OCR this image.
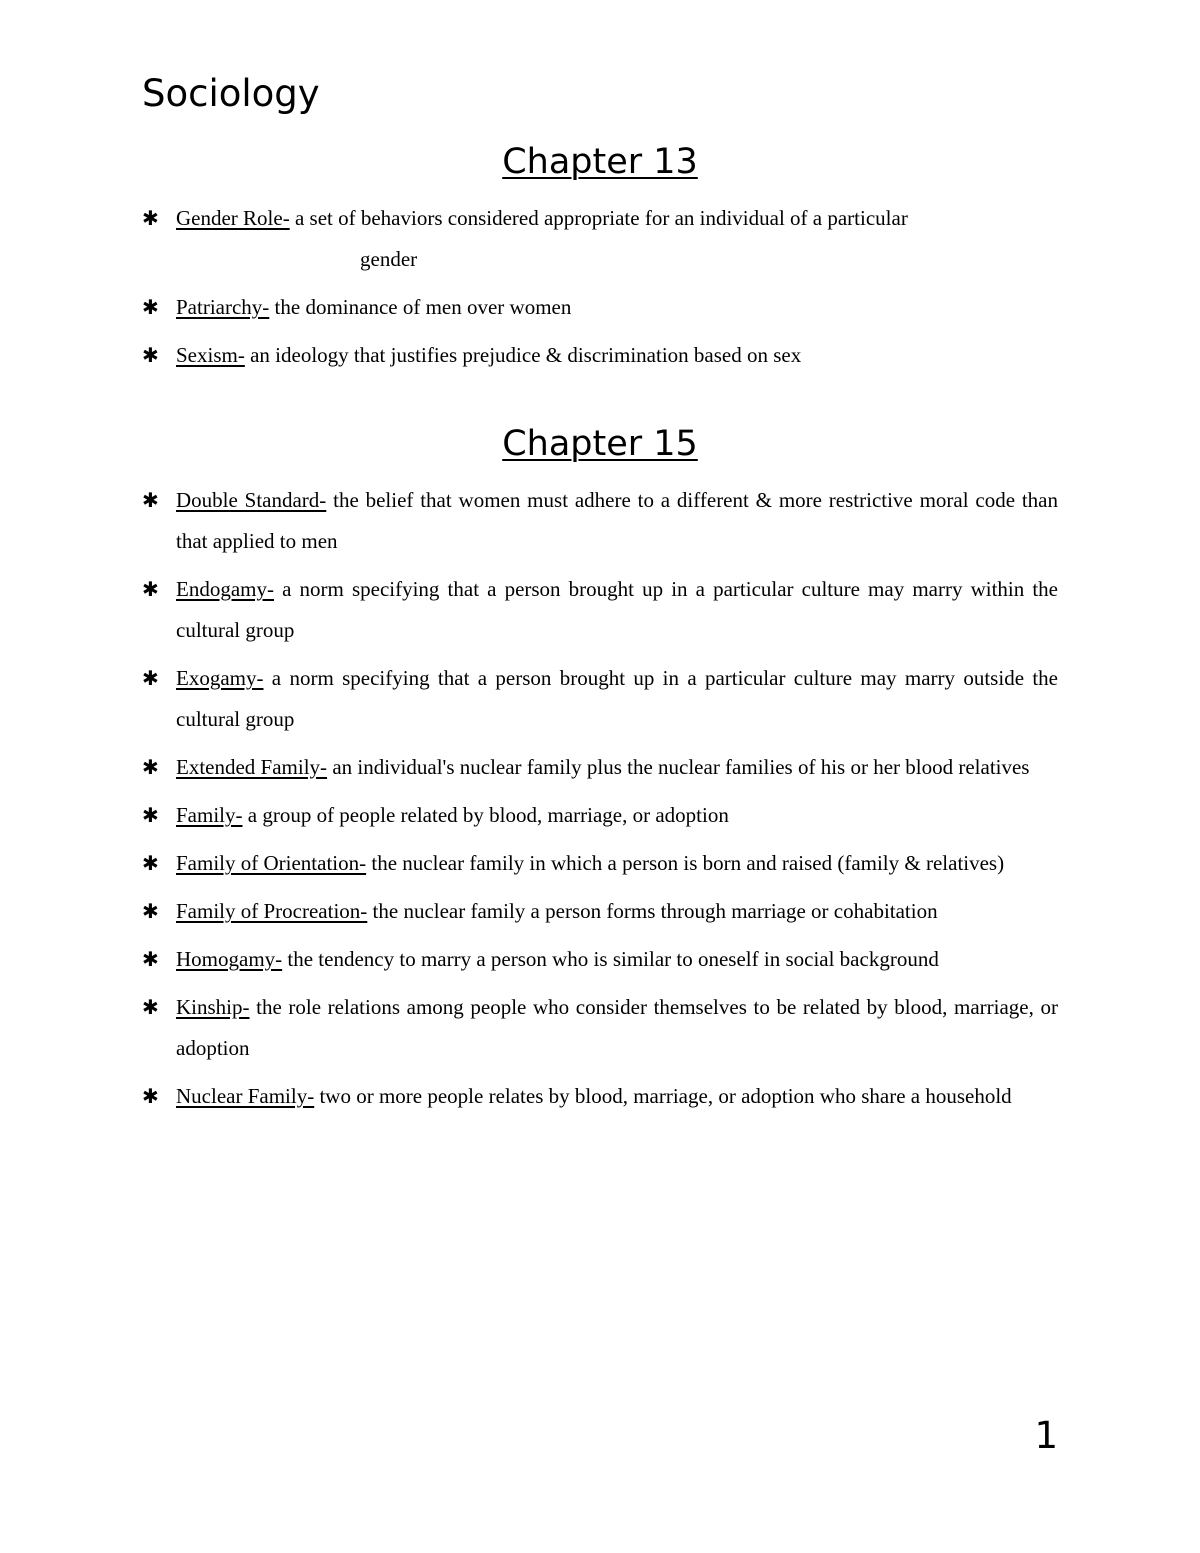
Sociology
Chapter 13
✱ Gender Role- a set of behaviors considered appropriate for an individual of a particular
gender
✱ Patriarchy- the dominance of men over women
✱ Sexism- an ideology that justifies prejudice & discrimination based on sex
Chapter 15
✱ Double Standard- the belief that women must adhere to a different & more restrictive moral code than that applied to men
✱ Endogamy- a norm specifying that a person brought up in a particular culture may marry within the cultural group
✱ Exogamy- a norm specifying that a person brought up in a particular culture may marry outside the cultural group
✱ Extended Family- an individual's nuclear family plus the nuclear families of his or her blood relatives
✱ Family- a group of people related by blood, marriage, or adoption
✱ Family of Orientation- the nuclear family in which a person is born and raised (family & relatives)
✱ Family of Procreation- the nuclear family a person forms through marriage or cohabitation
✱ Homogamy- the tendency to marry a person who is similar to oneself in social background
✱ Kinship- the role relations among people who consider themselves to be related by blood, marriage, or adoption
✱ Nuclear Family- two or more people relates by blood, marriage, or adoption who share a household
1
